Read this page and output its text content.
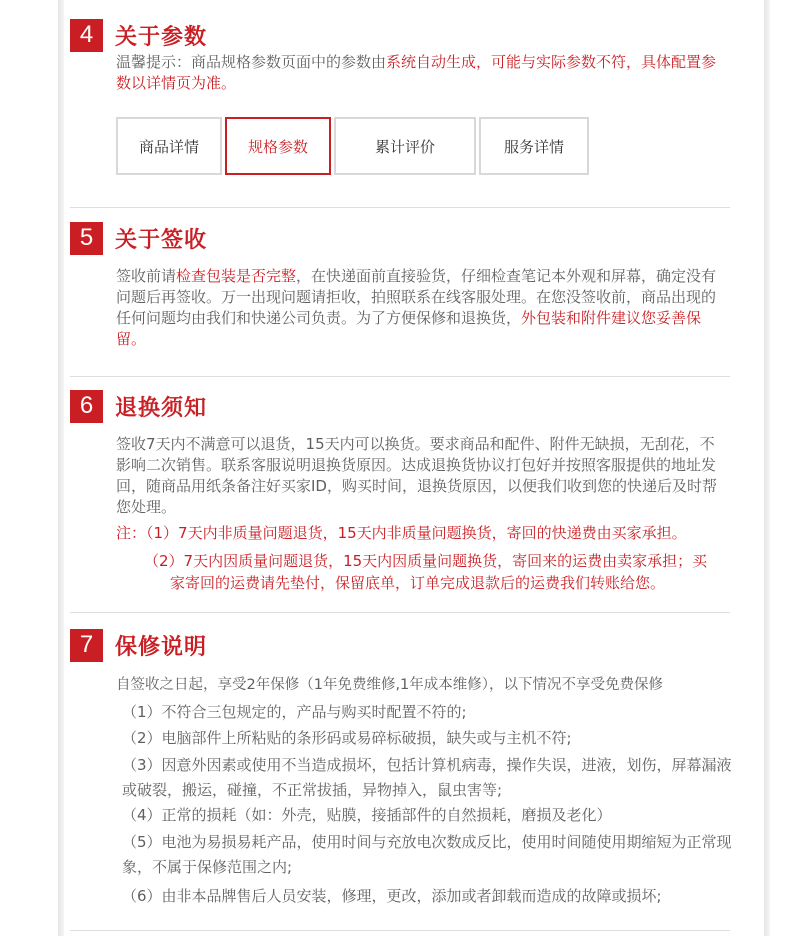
4 关于参数
温馨提示：商品规格参数页面中的参数由系统自动生成，可能与实际参数不符，具体配置参数以详情页为准。
商品详情	规格参数	累计评价	服务详情
5 关于签收
签收前请检查包装是否完整，在快递面前直接验货，仔细检查笔记本外观和屏幕，确定没有问题后再签收。万一出现问题请拒收，拍照联系在线客服处理。在您没签收前，商品出现的任何问题均由我们和快递公司负责。为了方便保修和退换货，外包装和附件建议您妥善保留。
6 退换须知
签收7天内不满意可以退货，15天内可以换货。要求商品和配件、附件无缺损，无刮花，不影响二次销售。联系客服说明退换货原因。达成退换货协议打包好并按照客服提供的地址发回，随商品用纸条备注好买家ID，购买时间，退换货原因，以便我们收到您的快递后及时帮您处理。
注：（1）7天内非质量问题退货，15天内非质量问题换货，寄回的快递费由买家承担。
（2）7天内因质量问题退货，15天内因质量问题换货，寄回来的运费由卖家承担；买
家寄回的运费请先垫付，保留底单，订单完成退款后的运费我们转账给您。
7 保修说明
自签收之日起，享受2年保修（1年免费维修,1年成本维修），以下情况不享受免费保修
（1）不符合三包规定的，产品与购买时配置不符的;
（2）电脑部件上所粘贴的条形码或易碎标破损，缺失或与主机不符;
（3）因意外因素或使用不当造成损坏，包括计算机病毒，操作失误，进液，划伤，屏幕漏液或破裂，搬运，碰撞，不正常拔插，异物掉入，鼠虫害等;
（4）正常的损耗（如：外壳，贴膜，接插部件的自然损耗，磨损及老化）
（5）电池为易损易耗产品，使用时间与充放电次数成反比，使用时间随使用期缩短为正常现象，不属于保修范围之内;
（6）由非本品牌售后人员安装，修理，更改，添加或者卸载而造成的故障或损坏;
